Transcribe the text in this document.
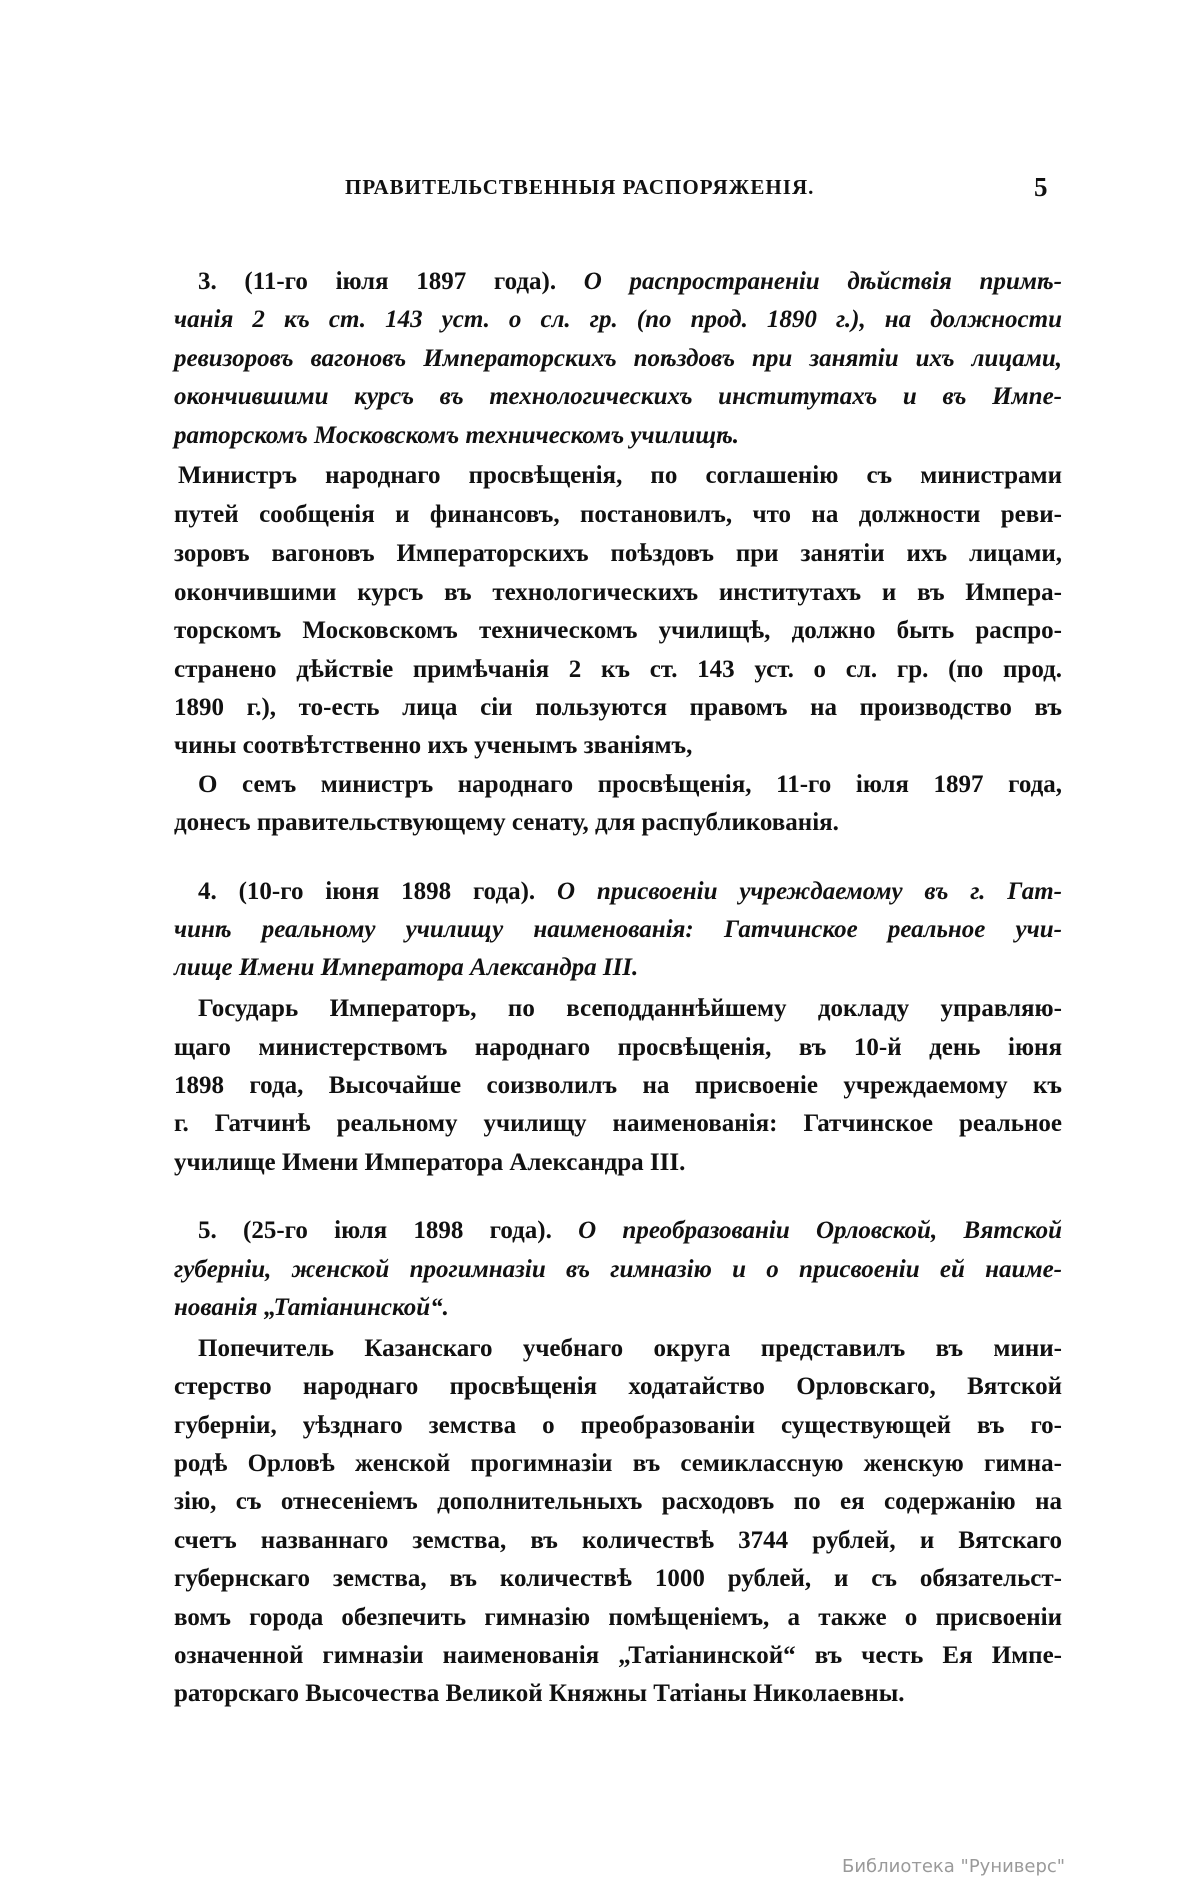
ПРАВИТЕЛЬСТВЕННЫЯ РАСПОРЯЖЕНІЯ.	5
3. (11-го іюля 1897 года). О распространеніи дѣйствія примѣ-
чанія 2 къ ст. 143 уст. о сл. гр. (по прод. 1890 г.), на должности
ревизоровъ вагоновъ Императорскихъ поѣздовъ при занятіи ихъ лицами,
окончившими курсъ въ технологическихъ институтахъ и въ Импе-
раторскомъ Московскомъ техническомъ училищѣ.
Министръ народнаго просвѣщенія, по соглашенію съ министрами
путей сообщенія и финансовъ, постановилъ, что на должности реви-
зоровъ вагоновъ Императорскихъ поѣздовъ при занятіи ихъ лицами,
окончившими курсъ въ технологическихъ институтахъ и въ Импера-
торскомъ Московскомъ техническомъ училищѣ, должно быть распро-
странено дѣйствіе примѣчанія 2 къ ст. 143 уст. о сл. гр. (по прод.
1890 г.), то-есть лица сіи пользуются правомъ на производство въ
чины соотвѣтственно ихъ ученымъ званіямъ,
О семъ министръ народнаго просвѣщенія, 11-го іюля 1897 года,
донесъ правительствующему сенату, для распубликованія.
4. (10-го іюня 1898 года). О присвоеніи учреждаемому въ г. Гат-
чинѣ реальному училищу наименованія: Гатчинское реальное учи-
лище Имени Императора Александра III.
Государь Императоръ, по всеподданнѣйшему докладу управляю-
щаго министерствомъ народнаго просвѣщенія, въ 10-й день іюня
1898 года, Высочайше соизволилъ на присвоеніе учреждаемому къ
г. Гатчинѣ реальному училищу наименованія: Гатчинское реальное
училище Имени Императора Александра III.
5. (25-го іюля 1898 года). О преобразованіи Орловской, Вятской
губерніи, женской прогимназіи въ гимназію и о присвоеніи ей наиме-
нованія „Татіанинской“.
Попечитель Казанскаго учебнаго округа представилъ въ мини-
стерство народнаго просвѣщенія ходатайство Орловскаго, Вятской
губерніи, уѣзднаго земства о преобразованіи существующей въ го-
родѣ Орловѣ женской прогимназіи въ семиклассную женскую гимна-
зію, съ отнесеніемъ дополнительныхъ расходовъ по ея содержанію на
счетъ названнаго земства, въ количествѣ 3744 рублей, и Вятскаго
губернскаго земства, въ количествѣ 1000 рублей, и съ обязательст-
вомъ города обезпечить гимназію помѣщеніемъ, а также о присвоеніи
означенной гимназіи наименованія „Татіанинской“ въ честь Ея Импе-
раторскаго Высочества Великой Княжны Татіаны Николаевны.
Библиотека "Руниверс"
